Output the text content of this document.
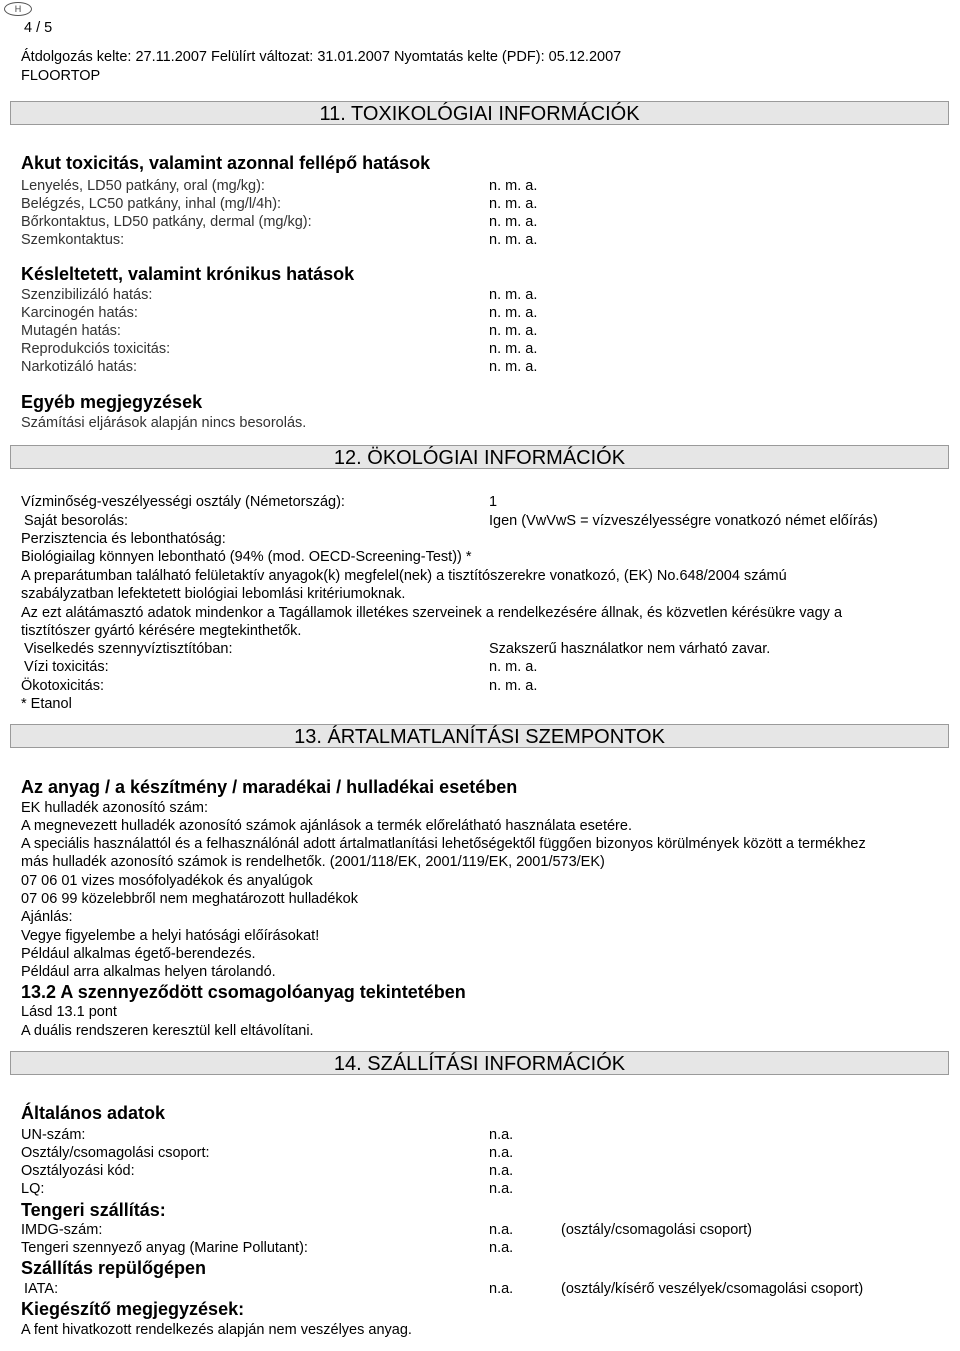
H
4 / 5
Átdolgozás kelte: 27.11.2007 Felülírt változat: 31.01.2007 Nyomtatás kelte (PDF): 05.12.2007
FLOORTOP
11. TOXIKOLÓGIAI INFORMÁCIÓK
Akut toxicitás, valamint azonnal fellépő hatások
Lenyelés, LD50 patkány, oral (mg/kg):	n. m. a.
Belégzés, LC50 patkány, inhal (mg/l/4h):	n. m. a.
Bőrkontaktus, LD50 patkány, dermal (mg/kg):	n. m. a.
Szemkontaktus:	n. m. a.
Késleltetett, valamint krónikus hatások
Szenzibilizáló hatás:	n. m. a.
Karcinogén hatás:	n. m. a.
Mutagén hatás:	n. m. a.
Reprodukciós toxicitás:	n. m. a.
Narkotizáló hatás:	n. m. a.
Egyéb megjegyzések
Számítási eljárások alapján nincs besorolás.
12. ÖKOLÓGIAI INFORMÁCIÓK
Vízminőség-veszélyességi osztály (Németország):	1
Saját besorolás:	Igen (VwVwS = vízveszélyességre vonatkozó német előírás)
Perzisztencia és lebonthatóság:
Biológiailag könnyen lebontható (94% (mod. OECD-Screening-Test)) *
A preparátumban található felületaktív anyagok(k) megfelel(nek) a tisztítószerekre vonatkozó, (EK) No.648/2004 számú
szabályzatban lefektetett biológiai lebomlási kritériumoknak.
Az ezt alátámasztó adatok mindenkor a Tagállamok illetékes szerveinek a rendelkezésére állnak, és közvetlen kérésükre vagy a
tisztítószer gyártó kérésére megtekinthetők.
Viselkedés szennyvíztisztítóban:	Szakszerű használatkor nem várható zavar.
Vízi toxicitás:	n. m. a.
Ökotoxicitás:	n. m. a.
* Etanol
13. ÁRTALMATLANÍTÁSI SZEMPONTOK
Az anyag / a készítmény / maradékai / hulladékai esetében
EK hulladék azonosító szám:
A megnevezett hulladék azonosító számok ajánlások a termék előrelátható használata esetére.
A speciális használattól és a felhasználónál adott ártalmatlanítási lehetőségektől függően bizonyos körülmények között a termékhez
más hulladék azonosító számok is rendelhetők. (2001/118/EK, 2001/119/EK, 2001/573/EK)
07 06 01 vizes mosófolyadékok és anyalúgok
07 06 99 közelebbről nem meghatározott hulladékok
Ajánlás:
Vegye figyelembe a helyi hatósági előírásokat!
Például alkalmas égető-berendezés.
Például arra alkalmas helyen tárolandó.
13.2 A szennyeződött csomagolóanyag tekintetében
Lásd 13.1 pont
A duális rendszeren keresztül kell eltávolítani.
14. SZÁLLÍTÁSI INFORMÁCIÓK
Általános adatok
UN-szám:	n.a.
Osztály/csomagolási csoport:	n.a.
Osztályozási kód:	n.a.
LQ:	n.a.
Tengeri szállítás:
IMDG-szám:	n.a.	(osztály/csomagolási csoport)
Tengeri szennyező anyag (Marine Pollutant):	n.a.
Szállítás repülőgépen
IATA:	n.a.	(osztály/kísérő veszélyek/csomagolási csoport)
Kiegészítő megjegyzések:
A fent hivatkozott rendelkezés alapján nem veszélyes anyag.
